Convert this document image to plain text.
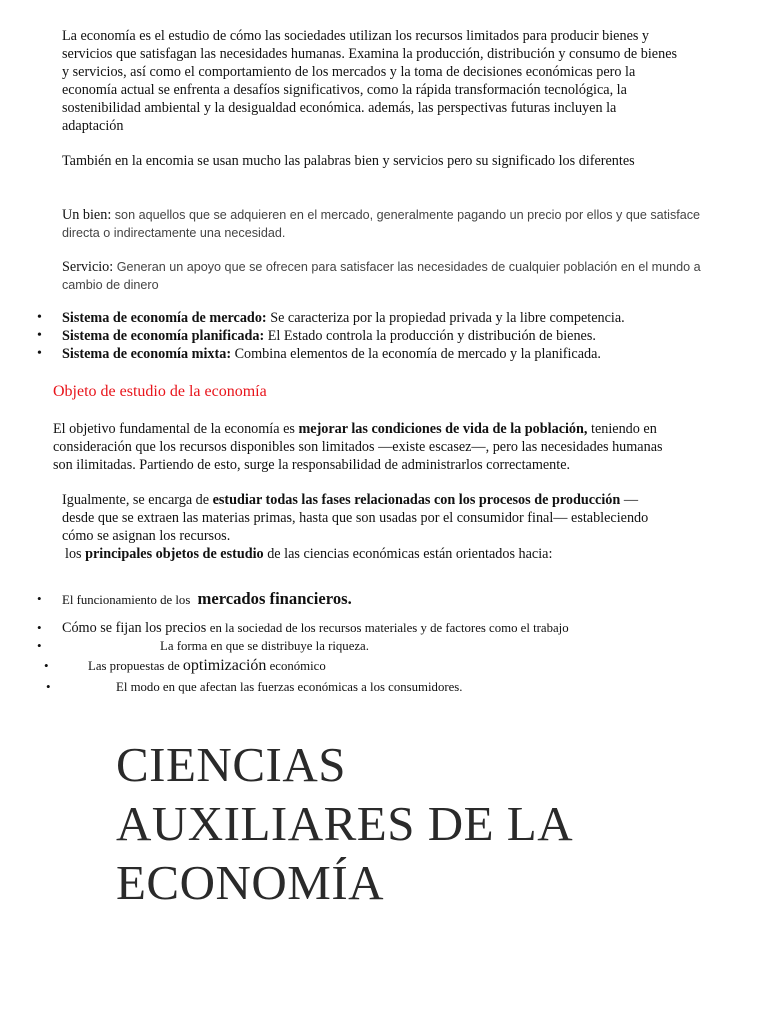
La economía es el estudio de cómo las sociedades utilizan los recursos limitados para producir bienes y servicios que satisfagan las necesidades humanas. Examina la producción, distribución y consumo de bienes y servicios, así como el comportamiento de los mercados y la toma de decisiones económicas pero la economía actual se enfrenta a desafíos significativos, como la rápida transformación tecnológica, la sostenibilidad ambiental y la desigualdad económica. además, las perspectivas futuras incluyen la adaptación
También en la encomia se usan mucho las palabras bien y servicios pero su significado los diferentes
Un bien: son aquellos que se adquieren en el mercado, generalmente pagando un precio por ellos y que satisface directa o indirectamente una necesidad.
Servicio: Generan un apoyo que se ofrecen para satisfacer las necesidades de cualquier población en el mundo a cambio de dinero
• Sistema de economía de mercado: Se caracteriza por la propiedad privada y la libre competencia.
• Sistema de economía planificada: El Estado controla la producción y distribución de bienes.
• Sistema de economía mixta: Combina elementos de la economía de mercado y la planificada.
Objeto de estudio de la economía
El objetivo fundamental de la economía es mejorar las condiciones de vida de la población, teniendo en consideración que los recursos disponibles son limitados —existe escasez—, pero las necesidades humanas son ilimitadas. Partiendo de esto, surge la responsabilidad de administrarlos correctamente.
Igualmente, se encarga de estudiar todas las fases relacionadas con los procesos de producción —desde que se extraen las materias primas, hasta que son usadas por el consumidor final— estableciendo cómo se asignan los recursos.
los principales objetos de estudio de las ciencias económicas están orientados hacia:
• El funcionamiento de los mercados financieros.
• Cómo se fijan los precios en la sociedad de los recursos materiales y de factores como el trabajo
•	La forma en que se distribuye la riqueza.
•	Las propuestas de optimización económico
•	El modo en que afectan las fuerzas económicas a los consumidores.
CIENCIAS
AUXILIARES DE LA
ECONOMÍA
